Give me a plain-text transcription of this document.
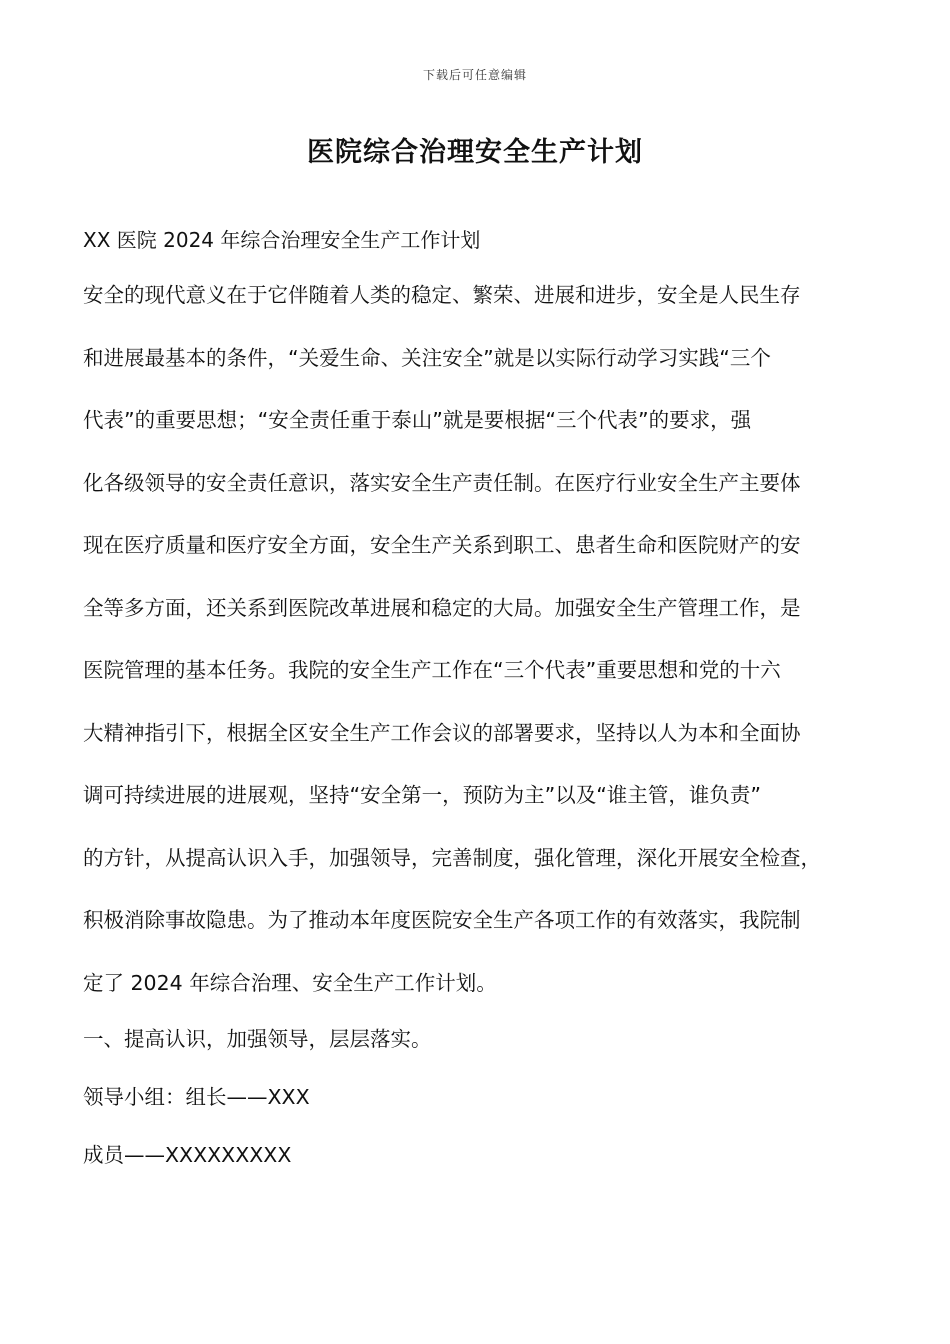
下载后可任意编辑
医院综合治理安全生产计划

XX 医院 2024 年综合治理安全生产工作计划

安全的现代意义在于它伴随着人类的稳定、繁荣、进展和进步，安全是人民生存
和进展最基本的条件，“关爱生命、关注安全”就是以实际行动学习实践“三个
代表”的重要思想；“安全责任重于泰山”就是要根据“三个代表”的要求，强
化各级领导的安全责任意识，落实安全生产责任制。在医疗行业安全生产主要体
现在医疗质量和医疗安全方面，安全生产关系到职工、患者生命和医院财产的安
全等多方面，还关系到医院改革进展和稳定的大局。加强安全生产管理工作，是
医院管理的基本任务。我院的安全生产工作在“三个代表”重要思想和党的十六
大精神指引下，根据全区安全生产工作会议的部署要求，坚持以人为本和全面协
调可持续进展的进展观，坚持“安全第一，预防为主”以及“谁主管，谁负责”
的方针，从提高认识入手，加强领导，完善制度，强化管理，深化开展安全检查，
积极消除事故隐患。为了推动本年度医院安全生产各项工作的有效落实，我院制
定了 2024 年综合治理、安全生产工作计划。

一、提高认识，加强领导，层层落实。

领导小组：组长——XXX

成员——XXXXXXXXX
